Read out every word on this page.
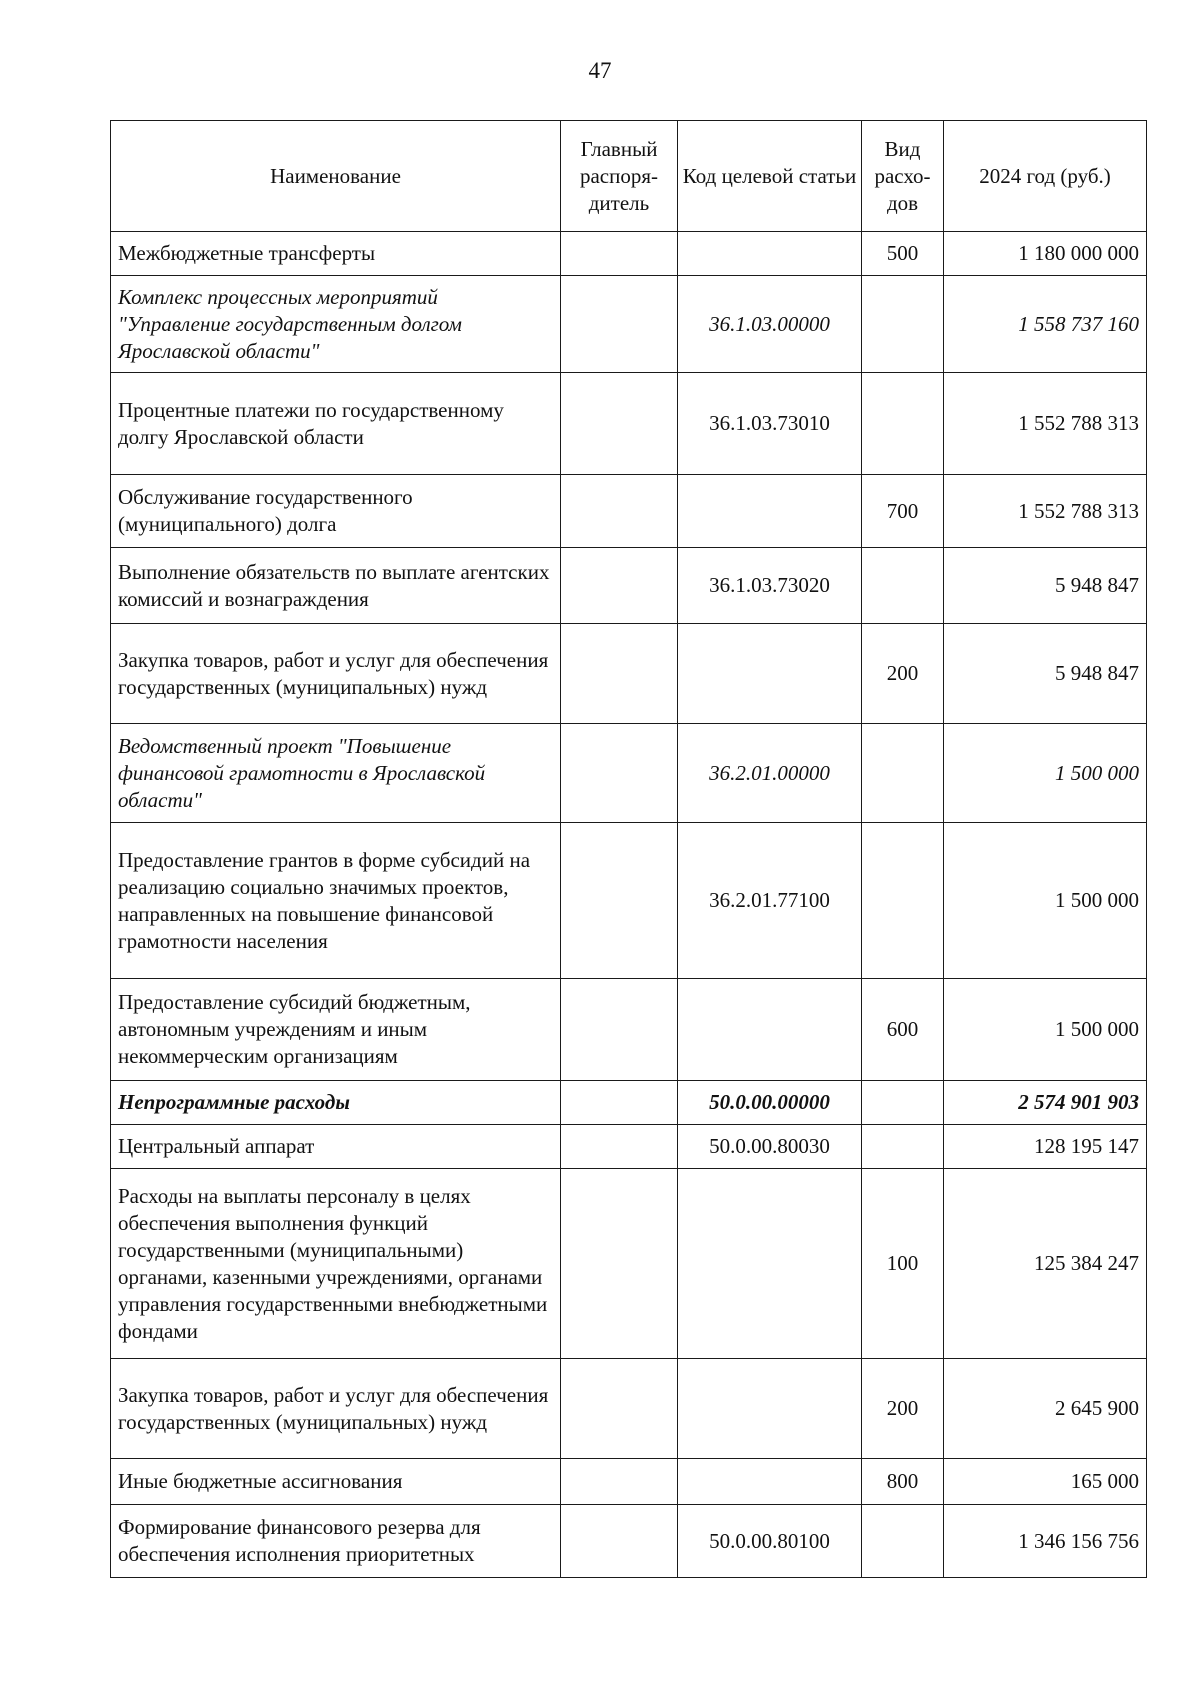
47
Наименование	Главный распоря-дитель	Код целевой статьи	Вид расхо-дов	2024 год (руб.)
Межбюджетные трансферты			500	1 180 000 000
Комплекс процессных мероприятий "Управление государственным долгом Ярославской области"		36.1.03.00000		1 558 737 160
Процентные платежи по государственному долгу Ярославской области		36.1.03.73010		1 552 788 313
Обслуживание государственного (муниципального) долга			700	1 552 788 313
Выполнение обязательств по выплате агентских комиссий и вознаграждения		36.1.03.73020		5 948 847
Закупка товаров, работ и услуг для обеспечения государственных (муниципальных) нужд			200	5 948 847
Ведомственный проект "Повышение финансовой грамотности в Ярославской области"		36.2.01.00000		1 500 000
Предоставление грантов в форме субсидий на реализацию социально значимых проектов, направленных на повышение финансовой грамотности населения		36.2.01.77100		1 500 000
Предоставление субсидий бюджетным, автономным учреждениям и иным некоммерческим организациям			600	1 500 000
Непрограммные расходы		50.0.00.00000		2 574 901 903
Центральный аппарат		50.0.00.80030		128 195 147
Расходы на выплаты персоналу в целях обеспечения выполнения функций государственными (муниципальными) органами, казенными учреждениями, органами управления государственными внебюджетными фондами			100	125 384 247
Закупка товаров, работ и услуг для обеспечения государственных (муниципальных) нужд			200	2 645 900
Иные бюджетные ассигнования			800	165 000
Формирование финансового резерва для обеспечения исполнения приоритетных		50.0.00.80100		1 346 156 756
